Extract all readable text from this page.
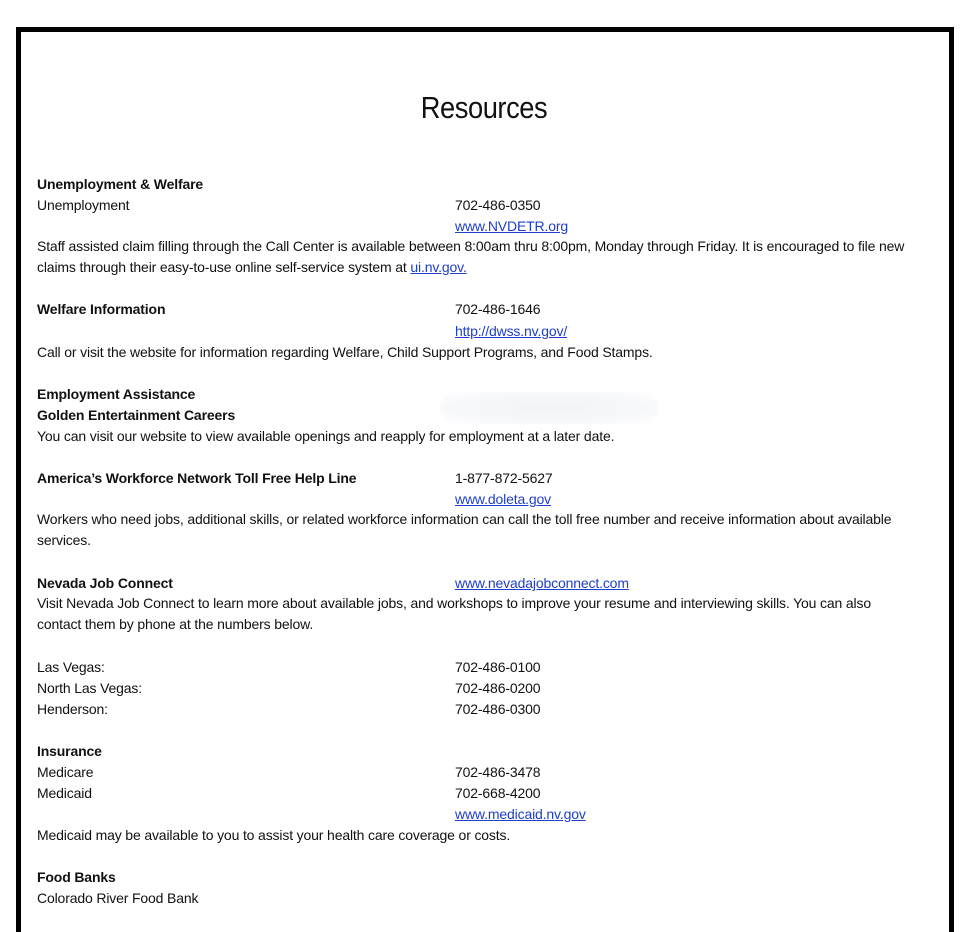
Resources
Unemployment & Welfare
Unemployment	702-486-0350
www.NVDETR.org
Staff assisted claim filling through the Call Center is available between 8:00am thru 8:00pm, Monday through Friday. It is encouraged to file new claims through their easy-to-use online self-service system at ui.nv.gov.
Welfare Information	702-486-1646
http://dwss.nv.gov/
Call or visit the website for information regarding Welfare, Child Support Programs, and Food Stamps.
Employment Assistance
Golden Entertainment Careers
You can visit our website to view available openings and reapply for employment at a later date.
America’s Workforce Network Toll Free Help Line	1-877-872-5627
www.doleta.gov
Workers who need jobs, additional skills, or related workforce information can call the toll free number and receive information about available services.
Nevada Job Connect	www.nevadajobconnect.com
Visit Nevada Job Connect to learn more about available jobs, and workshops to improve your resume and interviewing skills. You can also contact them by phone at the numbers below.
Las Vegas:	702-486-0100
North Las Vegas:	702-486-0200
Henderson:	702-486-0300
Insurance
Medicare	702-486-3478
Medicaid	702-668-4200
www.medicaid.nv.gov
Medicaid may be available to you to assist your health care coverage or costs.
Food Banks
Colorado River Food Bank
